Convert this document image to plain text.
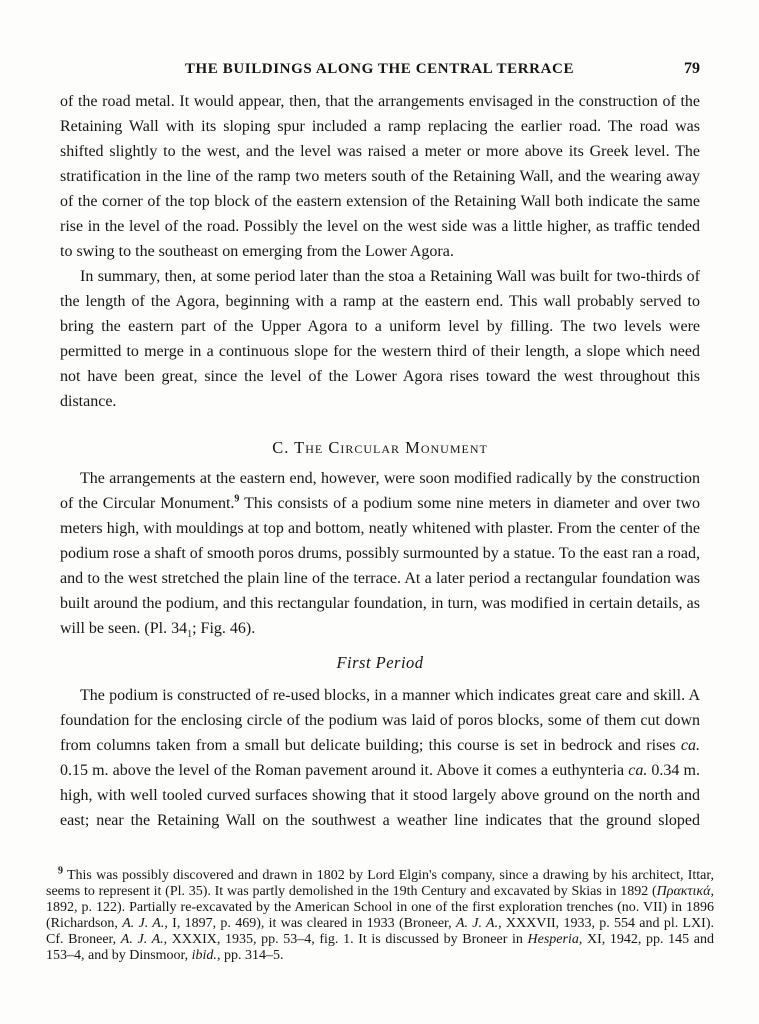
THE BUILDINGS ALONG THE CENTRAL TERRACE	79

of the road metal. It would appear, then, that the arrangements envisaged in the construction of the Retaining Wall with its sloping spur included a ramp replacing the earlier road. The road was shifted slightly to the west, and the level was raised a meter or more above its Greek level. The stratification in the line of the ramp two meters south of the Retaining Wall, and the wearing away of the corner of the top block of the eastern extension of the Retaining Wall both indicate the same rise in the level of the road. Possibly the level on the west side was a little higher, as traffic tended to swing to the southeast on emerging from the Lower Agora.

In summary, then, at some period later than the stoa a Retaining Wall was built for two-thirds of the length of the Agora, beginning with a ramp at the eastern end. This wall probably served to bring the eastern part of the Upper Agora to a uniform level by filling. The two levels were permitted to merge in a continuous slope for the western third of their length, a slope which need not have been great, since the level of the Lower Agora rises toward the west throughout this distance.

C. The Circular Monument

The arrangements at the eastern end, however, were soon modified radically by the construction of the Circular Monument.$^9$ This consists of a podium some nine meters in diameter and over two meters high, with mouldings at top and bottom, neatly whitened with plaster. From the center of the podium rose a shaft of smooth poros drums, possibly surmounted by a statue. To the east ran a road, and to the west stretched the plain line of the terrace. At a later period a rectangular foundation was built around the podium, and this rectangular foundation, in turn, was modified in certain details, as will be seen. (Pl. $34_1$; Fig. 46).

First Period

The podium is constructed of re-used blocks, in a manner which indicates great care and skill. A foundation for the enclosing circle of the podium was laid of poros blocks, some of them cut down from columns taken from a small but delicate building; this course is set in bedrock and rises ca. 0.15 m. above the level of the Roman pavement around it. Above it comes a euthynteria ca. 0.34 m. high, with well tooled curved surfaces showing that it stood largely above ground on the north and east; near the Retaining Wall on the southwest a weather line indicates that the ground sloped

$^9$ This was possibly discovered and drawn in 1802 by Lord Elgin's company, since a drawing by his architect, Ittar, seems to represent it (Pl. 35). It was partly demolished in the 19th Century and excavated by Skias in 1892 (Πρακτικά, 1892, p. 122). Partially re-excavated by the American School in one of the first exploration trenches (no. VII) in 1896 (Richardson, A. J. A., I, 1897, p. 469), it was cleared in 1933 (Broneer, A. J. A., XXXVII, 1933, p. 554 and pl. LXI). Cf. Broneer, A. J. A., XXXIX, 1935, pp. 53–4, fig. 1. It is discussed by Broneer in Hesperia, XI, 1942, pp. 145 and 153–4, and by Dinsmoor, ibid., pp. 314–5.
